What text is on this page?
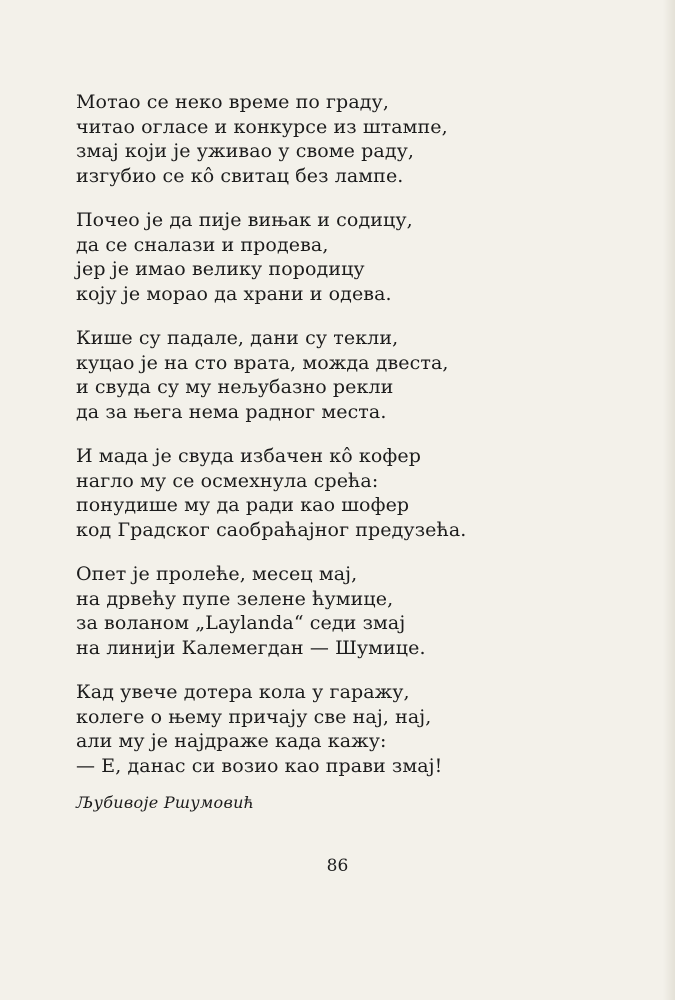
Мотао се неко време по граду,
читао огласе и конкурсе из штампе,
змај који је уживао у своме раду,
изгубио се кô свитац без лампе.
Почео је да пије вињак и содицу,
да се сналази и продева,
јер је имао велику породицу
коју је морао да храни и одева.
Кише су падале, дани су текли,
куцао је на сто врата, можда двеста,
и свуда су му нељубазно рекли
да за њега нема радног места.
И мада је свуда избачен кô кофер
нагло му се осмехнула срећа:
понудише му да ради као шофер
код Градског саобраћајног предузећа.
Опет је пролеће, месец мај,
на дрвећу пупе зелене ћумице,
за воланом „Laylanda“ седи змај
на линији Калемегдан — Шумице.
Кад увече дотера кола у гаражу,
колеге о њему причају све нај, нај,
али му је најдраже када кажу:
— Е, данас си возио као прави змај!
Љубивоје Ршумовић
86
